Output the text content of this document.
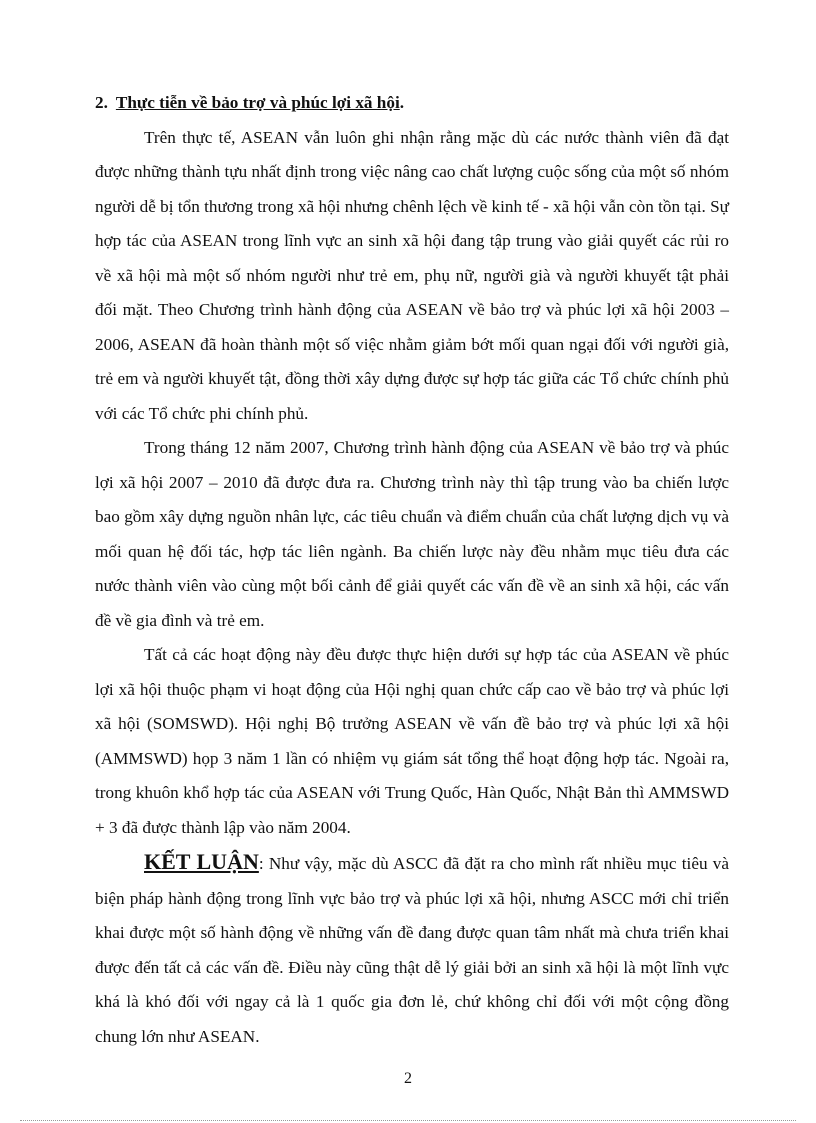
2. Thực tiễn về bảo trợ và phúc lợi xã hội.

Trên thực tế, ASEAN vẫn luôn ghi nhận rằng mặc dù các nước thành viên đã đạt được những thành tựu nhất định trong việc nâng cao chất lượng cuộc sống của một số nhóm người dễ bị tổn thương trong xã hội nhưng chênh lệch về kinh tế - xã hội vẫn còn tồn tại. Sự hợp tác của ASEAN trong lĩnh vực an sinh xã hội đang tập trung vào giải quyết các rủi ro về xã hội mà một số nhóm người như trẻ em, phụ nữ, người già và người khuyết tật phải đối mặt. Theo Chương trình hành động của ASEAN về bảo trợ và phúc lợi xã hội 2003 – 2006, ASEAN đã hoàn thành một số việc nhằm giảm bớt mối quan ngại đối với người già, trẻ em và người khuyết tật, đồng thời xây dựng được sự hợp tác giữa các Tổ chức chính phủ với các Tổ chức phi chính phủ.

Trong tháng 12 năm 2007, Chương trình hành động của ASEAN về bảo trợ và phúc lợi xã hội 2007 – 2010 đã được đưa ra. Chương trình này thì tập trung vào ba chiến lược bao gồm xây dựng nguồn nhân lực, các tiêu chuẩn và điểm chuẩn của chất lượng dịch vụ và mối quan hệ đối tác, hợp tác liên ngành. Ba chiến lược này đều nhằm mục tiêu đưa các nước thành viên vào cùng một bối cảnh để giải quyết các vấn đề về an sinh xã hội, các vấn đề về gia đình và trẻ em.

Tất cả các hoạt động này đều được thực hiện dưới sự hợp tác của ASEAN về phúc lợi xã hội thuộc phạm vi hoạt động của Hội nghị quan chức cấp cao về bảo trợ và phúc lợi xã hội (SOMSWD). Hội nghị Bộ trưởng ASEAN về vấn đề bảo trợ và phúc lợi xã hội (AMMSWD) họp 3 năm 1 lần có nhiệm vụ giám sát tổng thể hoạt động hợp tác. Ngoài ra, trong khuôn khổ hợp tác của ASEAN với Trung Quốc, Hàn Quốc, Nhật Bản thì AMMSWD + 3 đã được thành lập vào năm 2004.

KẾT LUẬN: Như vậy, mặc dù ASCC đã đặt ra cho mình rất nhiều mục tiêu và biện pháp hành động trong lĩnh vực bảo trợ và phúc lợi xã hội, nhưng ASCC mới chỉ triển khai được một số hành động về những vấn đề đang được quan tâm nhất mà chưa triển khai được đến tất cả các vấn đề. Điều này cũng thật dễ lý giải bởi an sinh xã hội là một lĩnh vực khá là khó đối với ngay cả là 1 quốc gia đơn lẻ, chứ không chỉ đối với một cộng đồng chung lớn như ASEAN.

2
